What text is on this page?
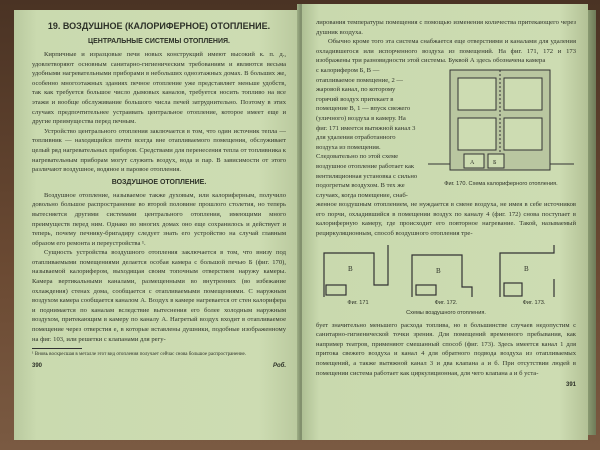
19. ВОЗДУШНОЕ (КАЛОРИФЕРНОЕ) ОТОПЛЕНИЕ.
ЦЕНТРАЛЬНЫЕ СИСТЕМЫ ОТОПЛЕНИЯ.

Кирпичные и изразцовые печи новых конструкций имеют высокий к. п. д., удовлетворяют основным санитарно-гигиеническим требованиям и являются весьма удобными нагревательными приборами в небольших одноэтажных домах. В больших же, особенно многоэтажных зданиях печное отопление уже представляет меньше удобств, так как требуется большое число дымовых каналов, требуется носить топливо на все этажи и вообще обслуживание большого числа печей затруднительно. Поэтому в этих случаях предпочтительнее устраивать центральное отопление, которое имеет еще и другие преимущества перед печным.

Устройство центрального отопления заключается в том, что один источник тепла — топливник — находящийся почти всегда вне отапливаемого помещения, обслуживает целый ряд нагревательных приборов. Средствами для перенесения тепла от топливника к нагревательным приборам могут служить воздух, вода и пар. В зависимости от этого различают воздушное, водяное и паровое отопления.

ВОЗДУШНОЕ ОТОПЛЕНИЕ.

Воздушное отопление, называемое также духовым, или калориферным, получило довольно большое распространение во второй половине прошлого столетия, но теперь вытесняется другими системами центрального отопления, имеющими много преимуществ перед ним. Однако во многих домах оно еще сохранилось и действует и теперь, почему печнику-бригадиру следует знать его устройство на случай главным образом его ремонта и переустройства ¹.

Сущность устройства воздушного отопления заключается в том, что внизу под отапливаемыми помещениями делается особая камера с большой печью Б (фиг. 170), называемой калорифером, выходящая своим топочным отверстием наружу камеры. Камера вертикальными каналами, размещенными во внутренних (во избежание охлаждения) стенах дома, сообщается с отапливаемыми помещениями. С наружным воздухом камера сообщается каналом А. Воздух в камере нагревается от стен калорифера и поднимается по каналам вследствие вытеснения его более холодным наружным воздухом, притекающим в камеру по каналу А. Нагретый воздух входит в отапливаемое помещение через отверстия е, в которые вставлены душники, подобные изображенному на фиг. 103, или решетки с клапанами для регу-

¹ Вновь воскресшая в металле этот вид отопления получает сейчас снова большое распространение.
390	Роб.

лирования температуры помещения с помощью изменения количества притекающего через душник воздуха.

Обычно кроме того эта система снабжается еще отверстиями и каналами для удаления охладившегося или испорченного воздуха из помещений. На фиг. 171, 172 и 173 изображены три разновидности этой системы. Буквой А здесь обозначена камера

А	Б
Фиг. 170. Схема калориферного отопления.

с калорифером Б, В — отапливаемое помещение, 2 — жаровой канал, по которому горячий воздух притекает в помещение В, 1 — впуск свежего (уличного) воздуха в камеру. На фиг. 171 имеется вытяжной канал 3 для удаления отработанного воздуха из помещения. Следовательно по этой схеме воздушное отопление работает как вентиляционная установка с сильно подогретым воздухом. В тех же случаях, когда помещение, снаб-

женное воздушным отоплением, не нуждается в смене воздуха, не имея в себе источников его порчи, охладившийся в помещении воздух по каналу 4 (фиг. 172) снова поступает в калориферную камеру, где происходит его повторное нагревание. Такой, называемый рециркуляционным, способ воздушного отопления тре-

В
Фиг. 171
В
Фиг. 172.
В
Фиг. 173.
Схемы воздушного отопления.

бует значительно меньшего расхода топлива, но в большинстве случаев недопустим с санитарно-гигиенической точки зрения. Для помещений временного пребывания, как например театров, применяют смешанный способ (фиг. 173). Здесь имеется канал 1 для притока свежего воздуха и канал 4 для обратного подвода воздуха из отапливаемых помещений, а также вытяжной канал 3 и два клапана а и б. При отсутствии людей в помещении система работает как циркуляционная, для чего клапана а и б уста-

391
